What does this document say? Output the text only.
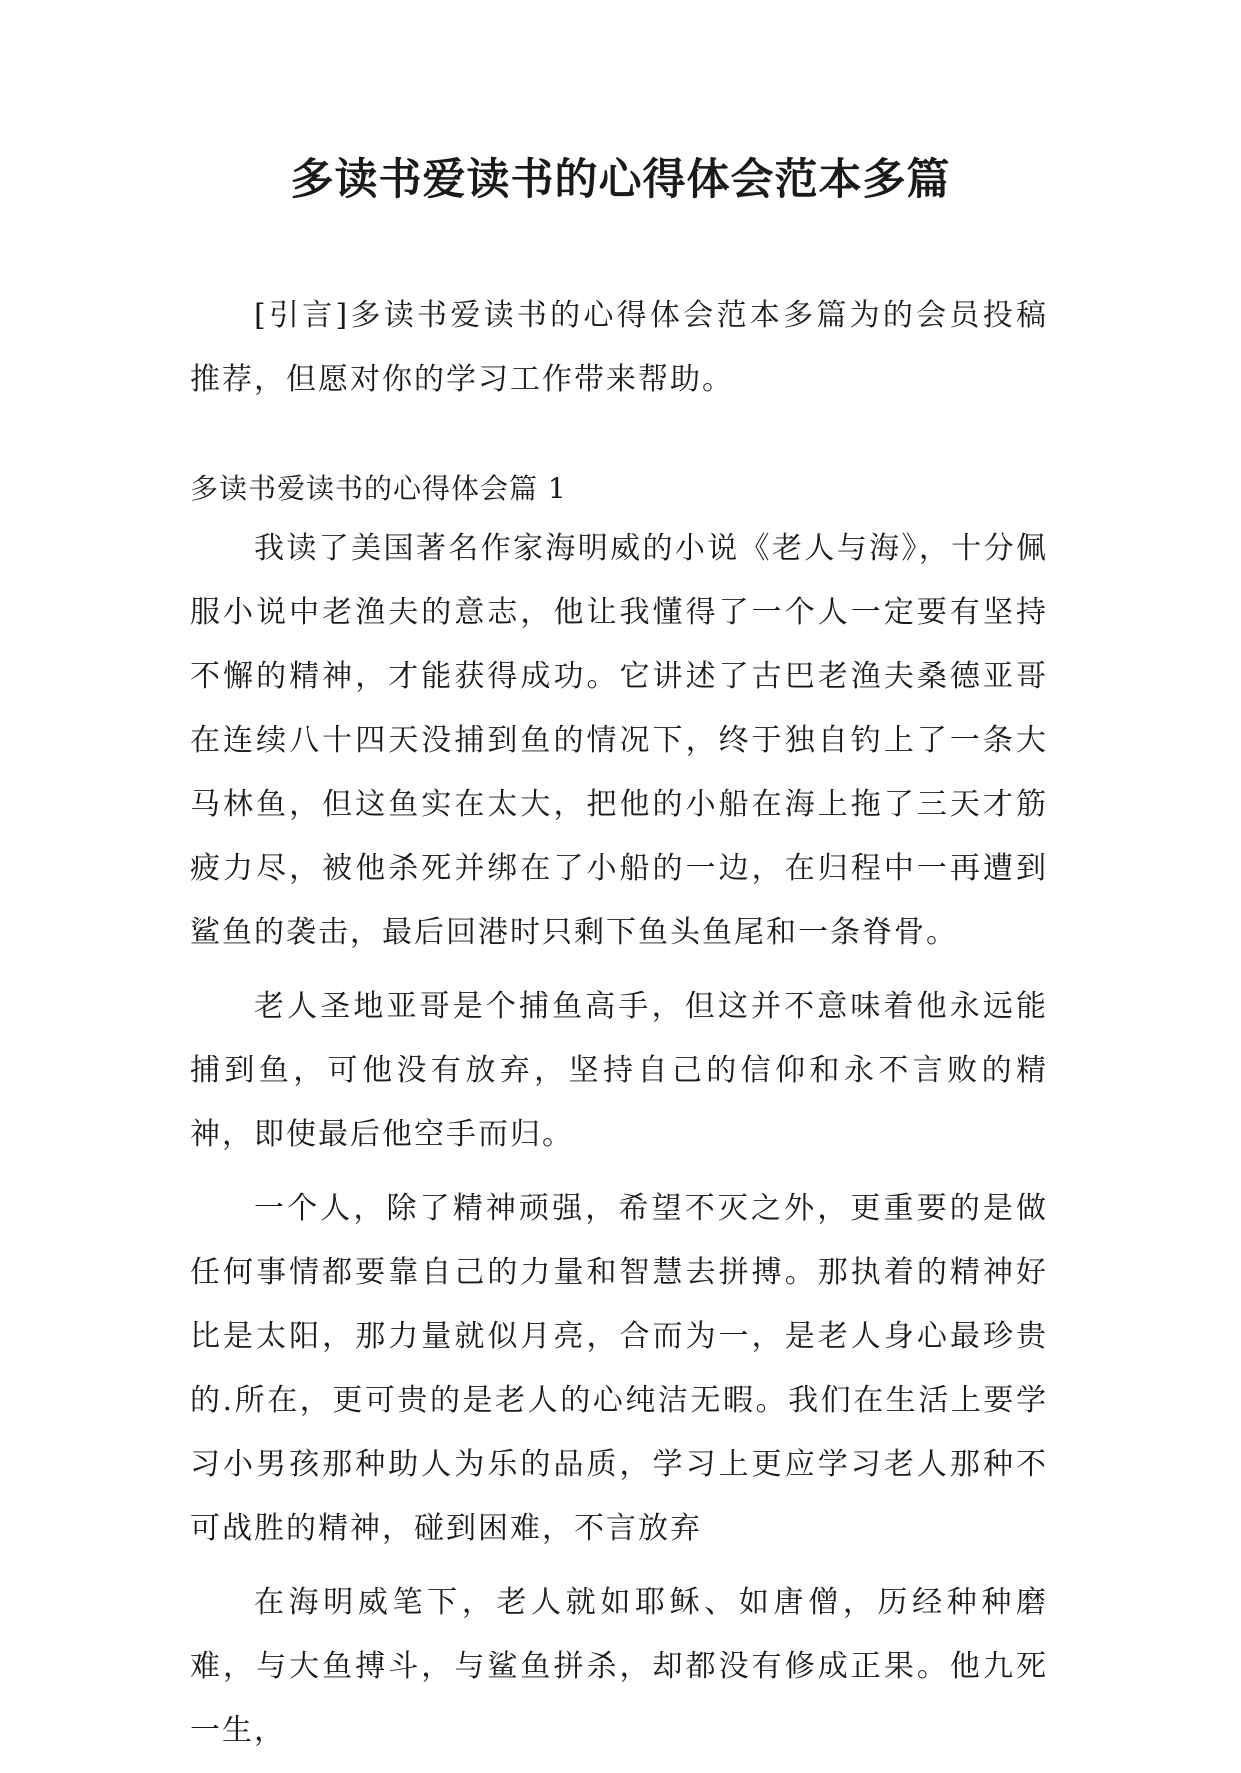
多读书爱读书的心得体会范本多篇

[引言]多读书爱读书的心得体会范本多篇为的会员投稿推荐，但愿对你的学习工作带来帮助。

多读书爱读书的心得体会篇 1

我读了美国著名作家海明威的小说《老人与海》，十分佩服小说中老渔夫的意志，他让我懂得了一个人一定要有坚持不懈的精神，才能获得成功。它讲述了古巴老渔夫桑德亚哥在连续八十四天没捕到鱼的情况下，终于独自钓上了一条大马林鱼，但这鱼实在太大，把他的小船在海上拖了三天才筋疲力尽，被他杀死并绑在了小船的一边，在归程中一再遭到鲨鱼的袭击，最后回港时只剩下鱼头鱼尾和一条脊骨。

老人圣地亚哥是个捕鱼高手，但这并不意味着他永远能捕到鱼，可他没有放弃，坚持自己的信仰和永不言败的精神，即使最后他空手而归。

一个人，除了精神顽强，希望不灭之外，更重要的是做任何事情都要靠自己的力量和智慧去拼搏。那执着的精神好比是太阳，那力量就似月亮，合而为一，是老人身心最珍贵的.所在，更可贵的是老人的心纯洁无暇。我们在生活上要学习小男孩那种助人为乐的品质，学习上更应学习老人那种不可战胜的精神，碰到困难，不言放弃

在海明威笔下，老人就如耶稣、如唐僧，历经种种磨难，与大鱼搏斗，与鲨鱼拼杀，却都没有修成正果。他九死一生，
